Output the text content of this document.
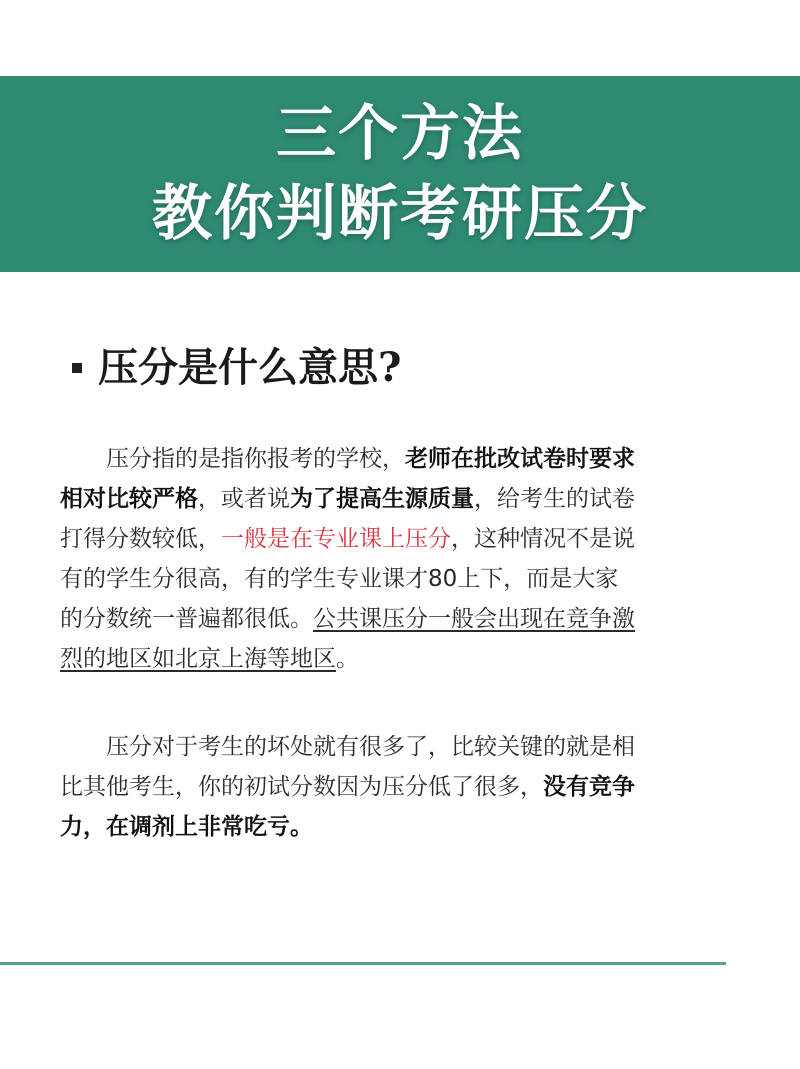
三个方法
教你判断考研压分
压分是什么意思?
　　压分指的是指你报考的学校，老师在批改试卷时要求
相对比较严格，或者说为了提高生源质量，给考生的试卷
打得分数较低，一般是在专业课上压分，这种情况不是说
有的学生分很高，有的学生专业课才80上下，而是大家
的分数统一普遍都很低。公共课压分一般会出现在竞争激
烈的地区如北京上海等地区。
　　压分对于考生的坏处就有很多了，比较关键的就是相
比其他考生，你的初试分数因为压分低了很多，没有竞争
力，在调剂上非常吃亏。
